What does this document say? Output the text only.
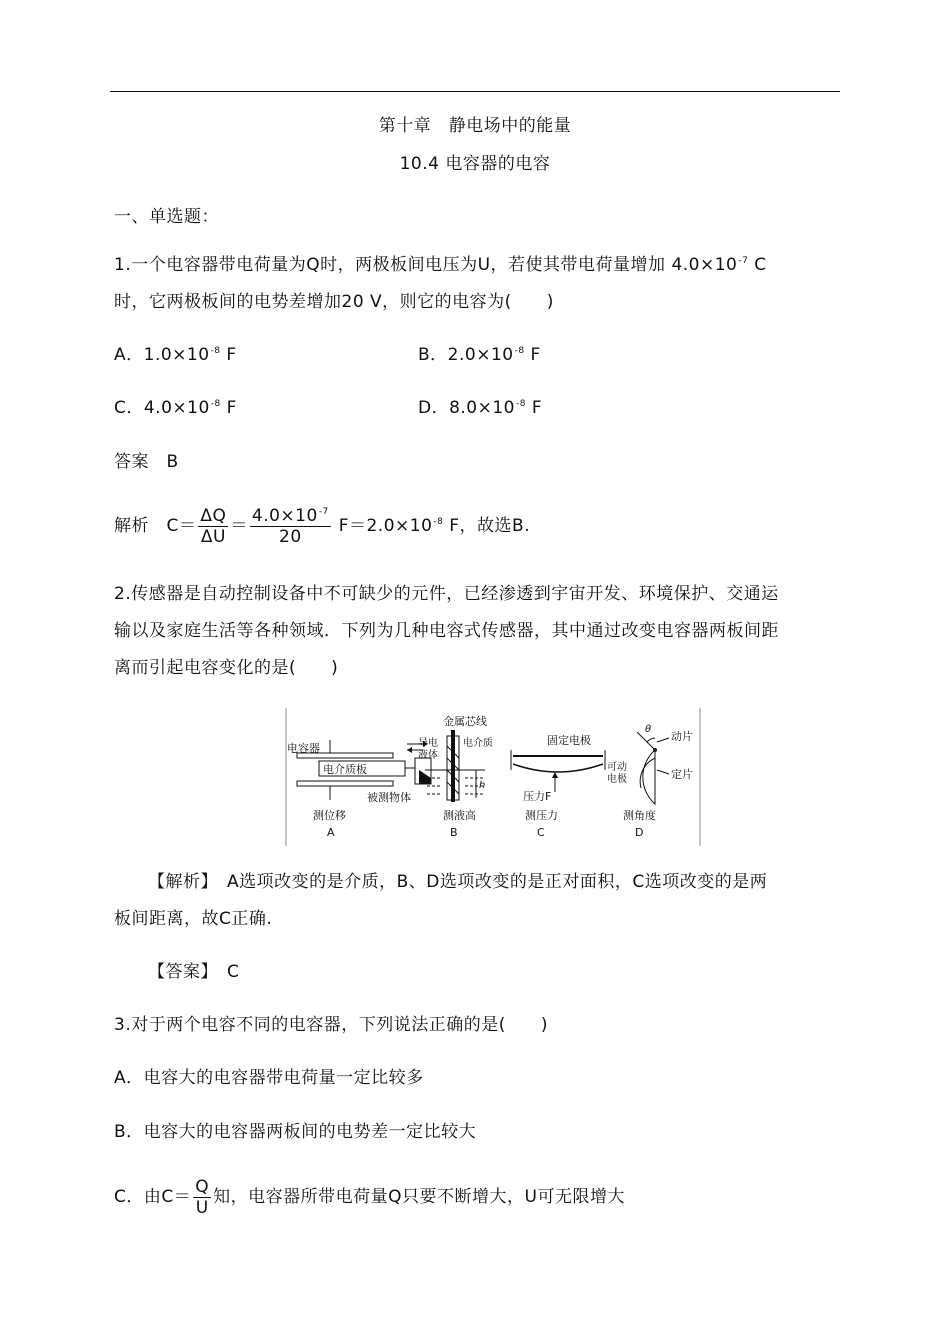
第十章　静电场中的能量
10.4 电容器的电容
一、单选题：
1.一个电容器带电荷量为Q时，两极板间电压为U，若使其带电荷量增加 $4.0\times 10^{-7}$ C
时，它两极板间的电势差增加20 V，则它的电容为(　　)
A．$1.0\times 10^{-8}$ F	B．$2.0\times 10^{-8}$ F
C．$4.0\times 10^{-8}$ F	D．$8.0\times 10^{-8}$ F
答案　B
解析　$C= \frac{\Delta Q}{\Delta U} = \frac{4.0\times 10^{-7}}{20} F=2.0\times 10^{-8}$ F，故选B.
2.传感器是自动控制设备中不可缺少的元件，已经渗透到宇宙开发、环境保护、交通运
输以及家庭生活等各种领域．下列为几种电容式传感器，其中通过改变电容器两板间距
离而引起电容变化的是(　　)
电容器
电介质板
被测物体
测位移
A
金属芯线
导电
液体
电介质
h
测液高
B
固定电极
可动
电极
压力F
测压力
C
θ
动片
定片
测角度
D
【解析】　A选项改变的是介质，B、D选项改变的是正对面积，C选项改变的是两
板间距离，故C正确.
【答案】　C
3.对于两个电容不同的电容器，下列说法正确的是(　　)
A．电容大的电容器带电荷量一定比较多
B．电容大的电容器两板间的电势差一定比较大
C．由$C= \frac{Q}{U}$ 知，电容器所带电荷量Q只要不断增大，U可无限增大
